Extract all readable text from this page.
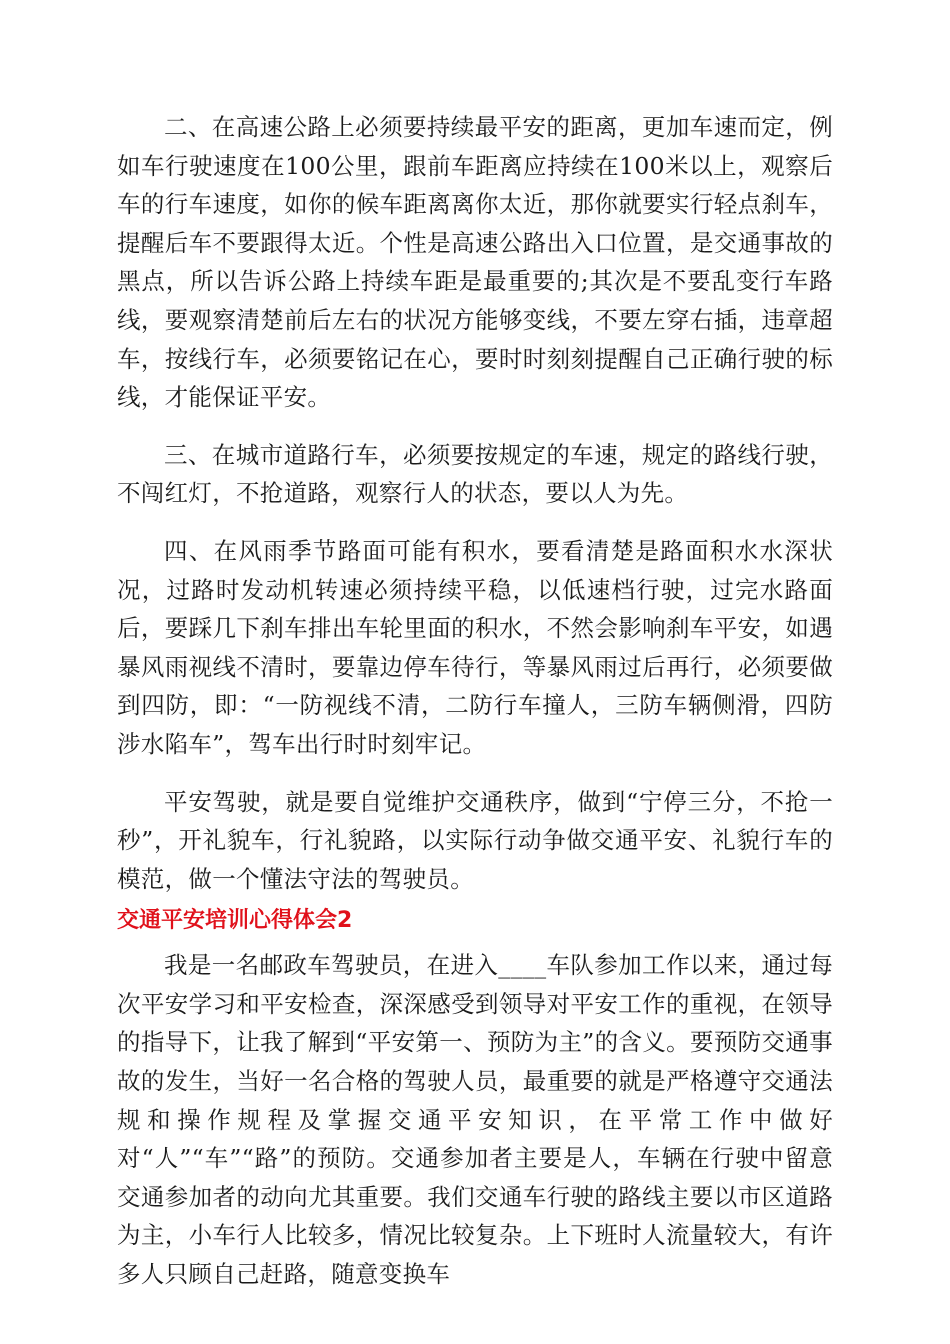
二、在高速公路上必须要持续最平安的距离，更加车速而定，例如车行驶速度在100公里，跟前车距离应持续在100米以上，观察后车的行车速度，如你的候车距离离你太近，那你就要实行轻点刹车，提醒后车不要跟得太近。个性是高速公路出入口位置，是交通事故的黑点，所以告诉公路上持续车距是最重要的;其次是不要乱变行车路线，要观察清楚前后左右的状况方能够变线，不要左穿右插，违章超车，按线行车，必须要铭记在心，要时时刻刻提醒自己正确行驶的标线，才能保证平安。

三、在城市道路行车，必须要按规定的车速，规定的路线行驶，不闯红灯，不抢道路，观察行人的状态，要以人为先。

四、在风雨季节路面可能有积水，要看清楚是路面积水水深状况，过路时发动机转速必须持续平稳，以低速档行驶，过完水路面后，要踩几下刹车排出车轮里面的积水，不然会影响刹车平安，如遇暴风雨视线不清时，要靠边停车待行，等暴风雨过后再行，必须要做到四防，即：“一防视线不清，二防行车撞人，三防车辆侧滑，四防涉水陷车”，驾车出行时时刻牢记。

平安驾驶，就是要自觉维护交通秩序，做到“宁停三分，不抢一秒”，开礼貌车，行礼貌路，以实际行动争做交通平安、礼貌行车的模范，做一个懂法守法的驾驶员。

交通平安培训心得体会2

我是一名邮政车驾驶员，在进入____车队参加工作以来，通过每次平安学习和平安检查，深深感受到领导对平安工作的重视，在领导的指导下，让我了解到“平安第一、预防为主”的含义。要预防交通事故的发生，当好一名合格的驾驶人员，最重要的就是严格遵守交通法规和操作规程及掌握交通平安知识，在平常工作中做好对“人”“车”“路”的预防。交通参加者主要是人，车辆在行驶中留意交通参加者的动向尤其重要。我们交通车行驶的路线主要以市区道路为主，小车行人比较多，情况比较复杂。上下班时人流量较大，有许多人只顾自己赶路，随意变换车
